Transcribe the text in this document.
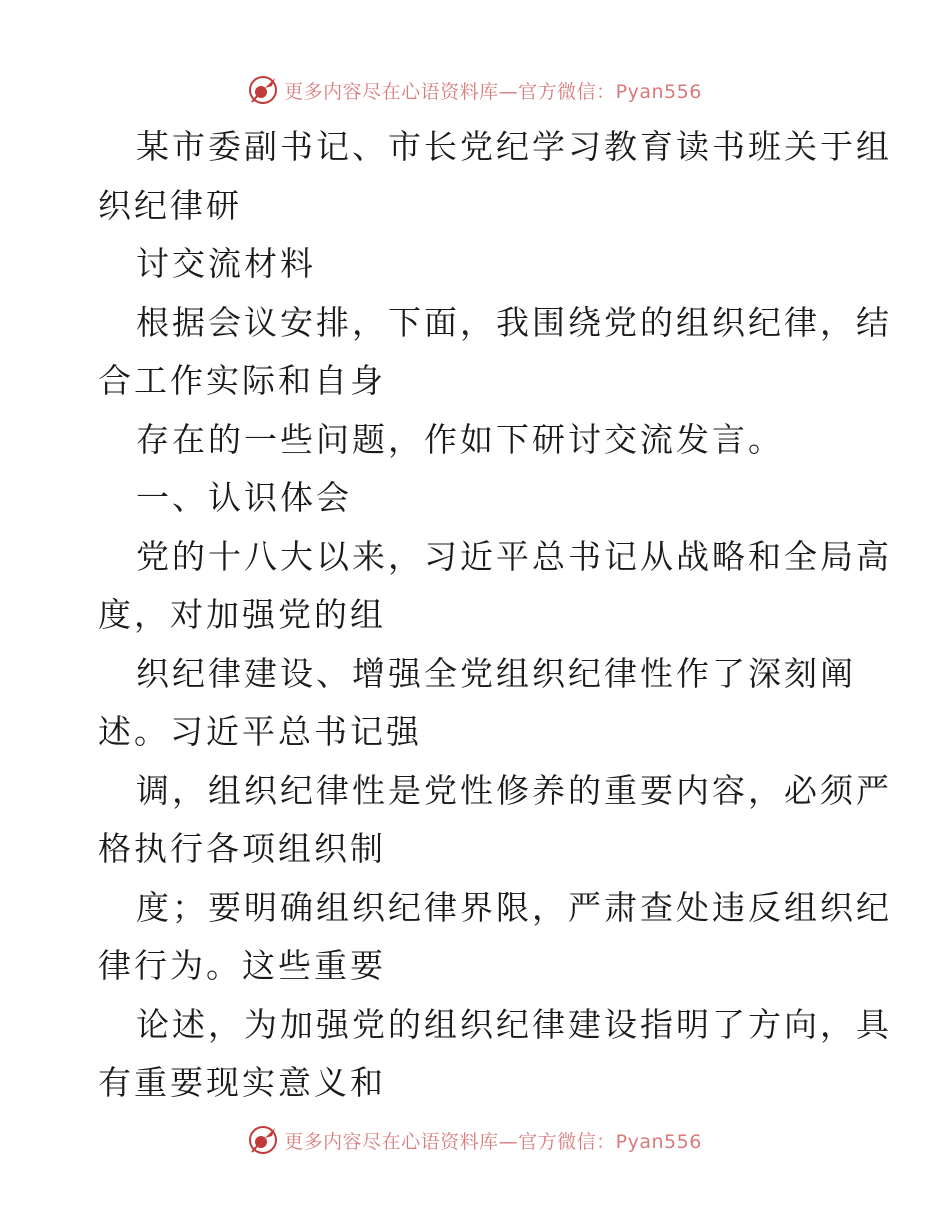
更多内容尽在心语资料库—官方微信：Pyan556
某市委副书记、市长党纪学习教育读书班关于组
织纪律研
讨交流材料
根据会议安排，下面，我围绕党的组织纪律，结
合工作实际和自身
存在的一些问题，作如下研讨交流发言。
一、认识体会
党的十八大以来，习近平总书记从战略和全局高
度，对加强党的组
织纪律建设、增强全党组织纪律性作了深刻阐
述。习近平总书记强
调，组织纪律性是党性修养的重要内容，必须严
格执行各项组织制
度；要明确组织纪律界限，严肃查处违反组织纪
律行为。这些重要
论述，为加强党的组织纪律建设指明了方向，具
有重要现实意义和
更多内容尽在心语资料库—官方微信：Pyan556
